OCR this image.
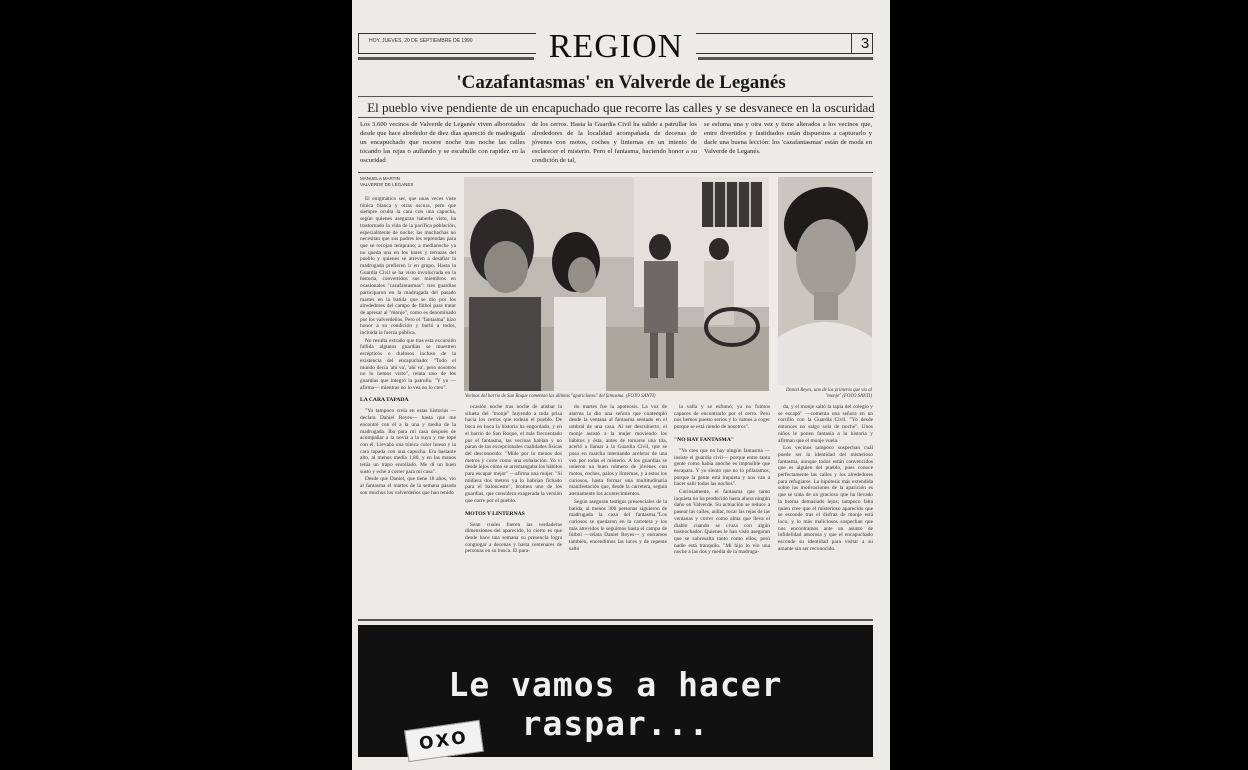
HOY, JUEVES, 20 DE SEPTIEMBRE DE 1990	REGION	3
'Cazafantasmas' en Valverde de Leganés
El pueblo vive pendiente de un encapuchado que recorre las calles y se desvanece en la oscuridad
Los 3.600 vecinos de Valverde de Leganés viven alborotados desde que hace alrededor de diez días apareció de madrugada un encapuchado que recorre noche tras noche las calles tocando las rejas o aullando y se escabulle con rapidez en la oscuridad
de los cerros. Hasta la Guardia Civil ha salido a patrullar los alrededores de la localidad acompañada de decenas de jóvenes con motos, coches y linternas en un intento de esclarecer el misterio. Pero el fantasma, haciendo honor a su condición de tal,
se esfuma una y otra vez y tiene alterados a los vecinos que, entre divertidos y fastidiados están dispuestos a capturarlo y darle una buena lección: los 'cazafantasmas' están de moda en Valverde de Leganés.
MANUELA MARTIN
VALVERDE DE LEGANES

El enigmático ser, que unas veces viste túnica blanca y otras oscura, pero que siempre oculta la cara con una capucha, según quienes aseguran haberle visto, ha trastornado la vida de la pacífica población, especialmente de noche: las muchachas no necesitan que sus padres les reprendan para que se recojan temprano; a medianoche ya no queda una en los bares y terrazas del pueblo y quienes se atreven a desafiar la madrugada prefieren ir en grupo. Hasta la Guardia Civil se ha visto involucrada en la historia, convertidos sus miembros en ocasionales "cazafantasmas": tres guardias participaron en la madrugada del pasado martes en la batida que se dio por los alrededores del campo de fútbol para tratar de apresar al "monje", como es denominado por los valverdeños. Pero el "fantasma" hizo honor a su condición y burló a todos, incluida la fuerza pública.

No resulta extraño que tras esta excursión fallida algunos guardias se muestren escépticos o dudosos incluso de la existencia del encapuchado: "Todo el mundo decía 'ahí va', 'ahí va', pero nosotros no lo hemos visto", relata uno de los guardias que integró la patrulla. "Y yo —afirma— mientras no lo vea no lo creo".

LA CARA TAPADA

"Yo tampoco creía en estas historias —declara Daniel Reyes— hasta que me encontré con él a la una y media de la madrugada. Iba para mi casa después de acompañar a la novia a la suya y me topé con él. Llevaba una túnica color hueso y la cara tapada con una capucha. Era bastante alto, al menos medía 1,80, y en las manos tenía un trapo enrollado. Me dí un buen susto y eché a correr para mi casa".

Desde que Daniel, que tiene 18 años, vio al fantasma el martes de la semana pasada son muchos los valverdeños que han tenido

Vecinas del barrio de San Roque comentan las últimas "apariciones" del fantasma. (FOTO SANTI)
Daniel Reyes, uno de los primeros que vio al "monje" (FOTO SANTI)

ocasión noche tras noche de atisbar la silueta del "monje" huyendo a toda prisa hacia los cerros que rodean el pueblo. De boca en boca la historia ha engordado, y en el barrio de San Roque, el más frecuentado por el fantasma, las vecinas hablan y no paran de las excepcionales cualidades físicas del desconocido: "Mide por lo menos dos metros y corre como una exhalación. Yo vi desde lejos cómo se arremangaba los hábitos para escapar mejor" —afirma una mujer. "Si midiera dos metros ya lo habrían fichado para el baloncesto", bromea uno de los guardias, que considera exagerada la versión que corre por el pueblo.

MOTOS Y LINTERNAS

Sean cuales fueren las verdaderas dimensiones del aparecido, lo cierto es que desde hace una semana su presencia logra congregar a decenas y hasta centenares de personas en su busca. El para-

do martes fue la apoteosis. La voz de alarma la dio una señora que contempló desde la ventana al fantasma sentado en el umbral de una casa. Al ser descubierto, el monje asustó a la mujer moviendo los hábitos y ésta, antes de tomarse una tila, acertó a llamar a la Guardia Civil, que se puso en marcha intentando acelerar de una vez por todas el misterio. A los guardias se unieron un buen número de jóvenes con motos, coches, palos y linternas, y a estos los curiosos, hasta formar una multitudinaria manifestación que, desde la carretera, seguía atentamente los acontecimientos.

Según aseguran testigos presenciales de la batida, al menos 300 personas siguieron de madrugada la caza del fantasma."Los curiosos se quedaron en la carretera y los más atrevidos le seguimos hasta el campo de fútbol —relata Daniel Reyes— y entramos también, encendimos las luces y de repente saltó

la valla y se esfumó; ya no fuimos capaces de encontrarlo por el cerro. Pero nos hemos puesto serios y lo vamos a coger porque se está riendo de nosotros".

"NO HAY FANTASMA"

"Yo creo que no hay ningún fantasma —insiste el guardia civil— porque entre tanta gente como había anoche es imposible que escapara. Y yo siento que no lo pillaramos, porque la gente está inquieta y nos van a hacer salir todas las noches".

Curiosamente, el fantasma que tanto inquieta no ha producido hasta ahora ningún daño en Valverde. Su actuación se reduce a pasear las calles, aullar, tocar las rejas de las ventanas y correr como alma que lleva el diablo cuando se cruza con algún trasnochador. Quienes le han visto aseguran que se sobresalta tanto como ellos, pero nadie está tranquilo. "Mi hijo lo vio una noche a las dos y media de la madruga-

da, y el monje saltó la tapia del colegio y se escapó" —comenta una señora en un corrillo con la Guardia Civil. "Yo desde entonces no salgo sola de noche". Unos niños le ponen fantasía a la historia y afirman que el monje vuela.

Los vecinos tampoco sospechan cuál puede ser la identidad del misterioso fantasma, aunque todos están convencidos que es alguien del pueblo, pues conoce perfectamente las calles y los alrededores para refugiarse. La hipótesis más extendida sobre las motivaciones de la aparición es que se trata de un gracioso que ha llevado la broma demasiado lejos; tampoco falta quien cree que el misterioso aparecido que se esconde tras el disfraz de monje está loco, y lo más maliciosos sospechan que nos encontramos ante un asunto de infidelidad amorosa y que el encapuchado esconde su identidad para visitar a su amante sin ser reconocido.

Le vamos a hacer raspar...
OXO
